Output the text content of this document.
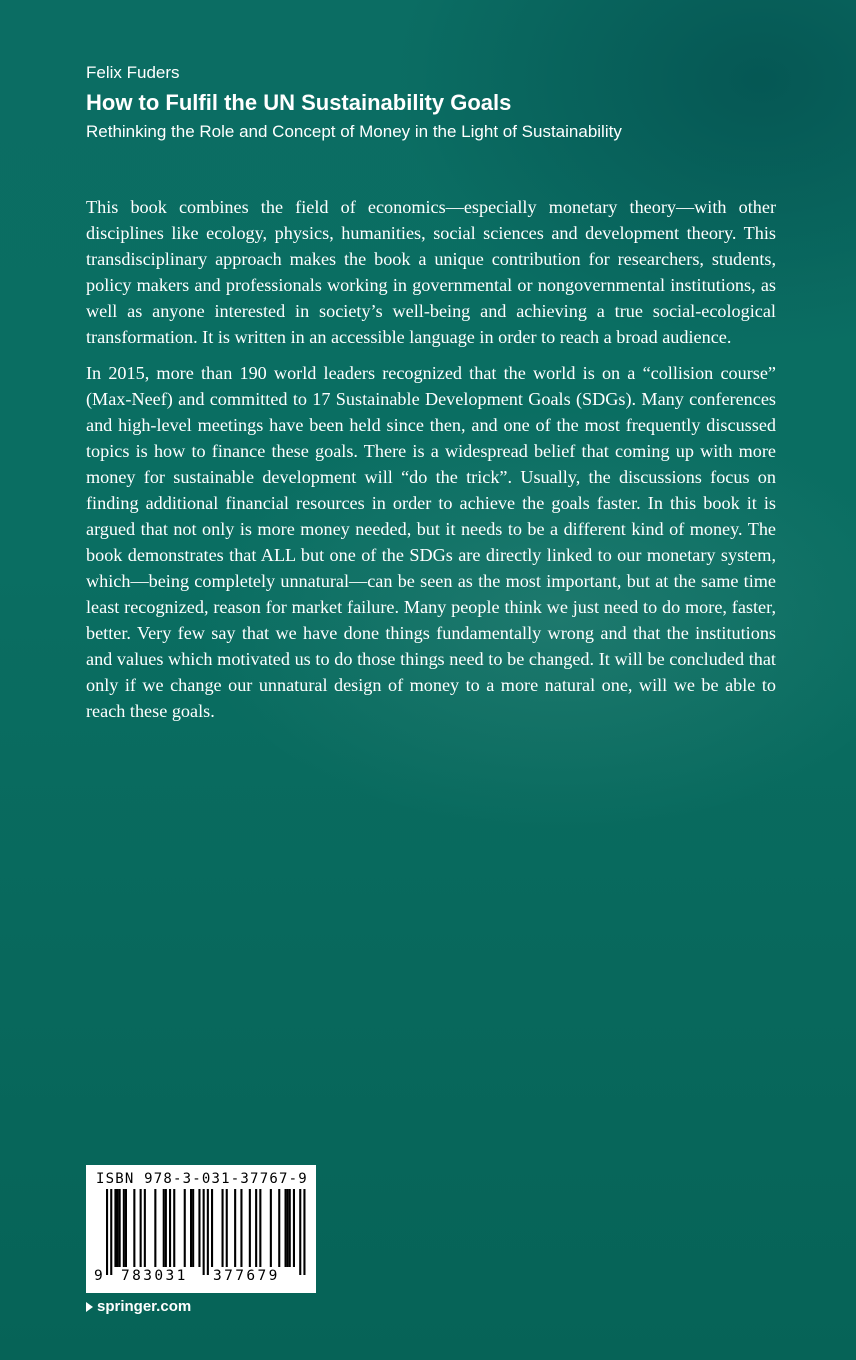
Felix Fuders
How to Fulfil the UN Sustainability Goals
Rethinking the Role and Concept of Money in the Light of Sustainability

This book combines the field of economics—especially monetary theory—with other disciplines like ecology, physics, humanities, social sciences and development theory. This transdisciplinary approach makes the book a unique contribution for researchers, students, policy makers and professionals working in governmental or nongovernmental institutions, as well as anyone interested in society’s well-being and achieving a true social-ecological transformation. It is written in an accessible language in order to reach a broad audience.

In 2015, more than 190 world leaders recognized that the world is on a “collision course” (Max-Neef) and committed to 17 Sustainable Development Goals (SDGs). Many conferences and high-level meetings have been held since then, and one of the most frequently discussed topics is how to finance these goals. There is a widespread belief that coming up with more money for sustainable development will “do the trick”. Usually, the discussions focus on finding additional financial resources in order to achieve the goals faster. In this book it is argued that not only is more money needed, but it needs to be a different kind of money. The book demonstrates that ALL but one of the SDGs are directly linked to our monetary system, which—being completely unnatural—can be seen as the most important, but at the same time least recognized, reason for market failure. Many people think we just need to do more, faster, better. Very few say that we have done things fundamentally wrong and that the institutions and values which motivated us to do those things need to be changed. It will be concluded that only if we change our unnatural design of money to a more natural one, will we be able to reach these goals.

ISBN 978-3-031-37767-9
9 783031 377679
springer.com
